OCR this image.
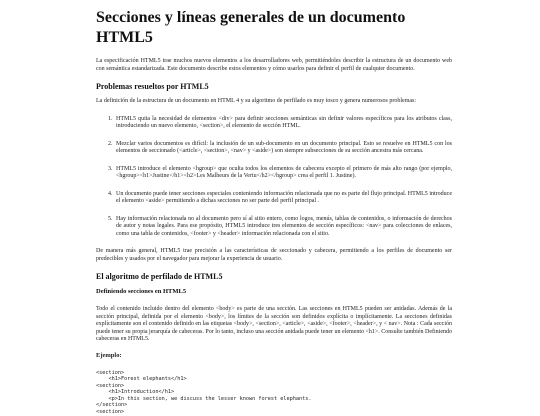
Secciones y líneas generales de un documento HTML5

La especificación HTML5 trae muchos nuevos elementos a los desarrolladores web, permitiéndoles describir la estructura de un documento web con semántica estandarizada. Este documento describe estos elementos y cómo usarlos para definir el perfil de cualquier documento.

Problemas resueltos por HTML5

La definición de la estructura de un documento en HTML 4 y su algoritmo de perfilado es muy tosco y genera numerosos problemas:

1. HTML5 quita la necesidad de elementos <div> para definir secciones semánticas sin definir valores específicos para los atributos class, introduciendo un nuevo elemento, <section>, el elemento de sección HTML.
2. Mezclar varios documentos es difícil: la inclusión de un sub-documento en un documento principal. Esto se resuelve en HTML5 con los elementos de seccionado (<article>, <section>, <nav> y <aside>) son siempre subsecciones de su sección ancestra más cercana.
3. HTML5 introduce el elemento <hgroup> que oculta todos los elementos de cabecera excepto el primero de más alto rango (por ejemplo, <hgroup><h1>Justine</h1><h2>Les Malheurs de la Vertu</h2></hgroup> crea el perfil 1. Justine).
4. Un documento puede tener secciones especiales conteniendo información relacionada que no es parte del flujo principal. HTML5 introduce el elemento <aside> permitiendo a dichas secciones no ser parte del perfil principal .
5. Hay información relacionada no al documento pero sí al sitio entero, como logos, menús, tablas de contenidos, o información de derechos de autor y notas legales. Para ese propósito, HTML5 introduce tres elementos de sección específicos: <nav> para colecciones de enlaces, como una tabla de contenidos, <footer> y <header> información relacionada con el sitio.

De manera más general, HTML5 trae precisión a las características de seccionado y cabecera, permitiendo a los perfiles de documento ser predecibles y usados por el navegador para mejorar la experiencia de usuario.

El algoritmo de perfilado de HTML5
Definiendo secciones en HTML5

Todo el contenido incluido dentro del elemento <body> es parte de una sección. Las secciones en HTML5 pueden ser anidadas. Además de la sección principal, definida por el elemento <body>, los límites de la sección son definidos explícita o implícitamente. La secciones definidas explícitamente son el contenido definido en las etiquetas <body>, <section>, <article>, <aside>, <footer>, <header>, y < nav>. Nota : Cada sección puede tener su propia jerarquía de cabeceras. Por lo tanto, incluso una sección anidada puede tener un elemento <h1>. Consulte también Definiendo cabeceras en HTML5.

Ejemplo:
<section>
<h1>Forest elephants</h1>
<section>
<h1>Introduction</h1>
<p>In this section, we discuss the lesser known forest elephants.
</section>
<section>
